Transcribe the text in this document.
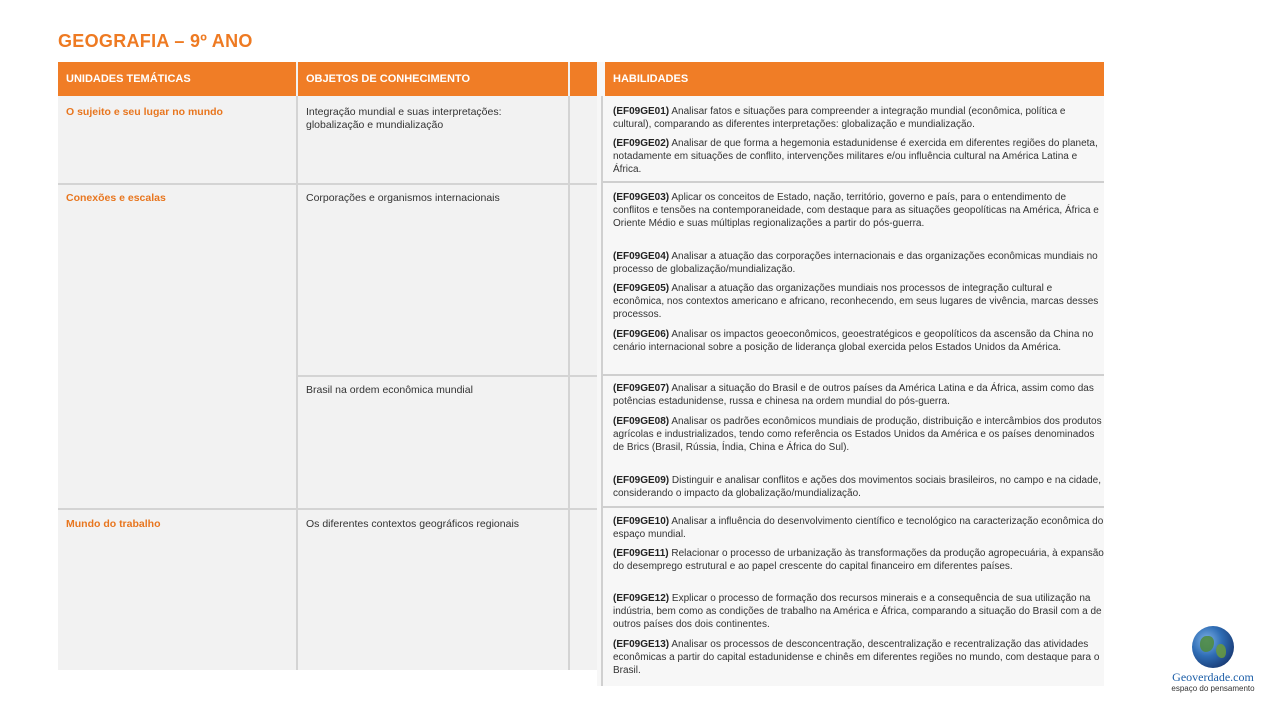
GEOGRAFIA – 9º ANO
UNIDADES TEMÁTICAS	OBJETOS DE CONHECIMENTO
O sujeito e seu lugar no mundo
Conexões e escalas
Mundo do trabalho
Integração mundial e suas interpretações: globalização e mundialização
Corporações e organismos internacionais
Brasil na ordem econômica mundial
Os diferentes contextos geográficos regionais
HABILIDADES
(EF09GE01) Analisar fatos e situações para compreender a integração mundial (econômica, política e cultural), comparando as diferentes interpretações: globalização e mundialização.
(EF09GE02) Analisar de que forma a hegemonia estadunidense é exercida em diferentes regiões do planeta, notadamente em situações de conflito, intervenções militares e/ou influência cultural na América Latina e África.
(EF09GE03) Aplicar os conceitos de Estado, nação, território, governo e país, para o entendimento de conflitos e tensões na contemporaneidade, com destaque para as situações geopolíticas na América, África e Oriente Médio e suas múltiplas regionalizações a partir do pós-guerra.
(EF09GE04) Analisar a atuação das corporações internacionais e das organizações econômicas mundiais no processo de globalização/mundialização.
(EF09GE05) Analisar a atuação das organizações mundiais nos processos de integração cultural e econômica, nos contextos americano e africano, reconhecendo, em seus lugares de vivência, marcas desses processos.
(EF09GE06) Analisar os impactos geoeconômicos, geoestratégicos e geopolíticos da ascensão da China no cenário internacional sobre a posição de liderança global exercida pelos Estados Unidos da América.
(EF09GE07) Analisar a situação do Brasil e de outros países da América Latina e da África, assim como das potências estadunidense, russa e chinesa na ordem mundial do pós-guerra.
(EF09GE08) Analisar os padrões econômicos mundiais de produção, distribuição e intercâmbios dos produtos agrícolas e industrializados, tendo como referência os Estados Unidos da América e os países denominados de Brics (Brasil, Rússia, Índia, China e África do Sul).
(EF09GE09) Distinguir e analisar conflitos e ações dos movimentos sociais brasileiros, no campo e na cidade, considerando o impacto da globalização/mundialização.
(EF09GE10) Analisar a influência do desenvolvimento científico e tecnológico na caracterização econômica do espaço mundial.
(EF09GE11) Relacionar o processo de urbanização às transformações da produção agropecuária, à expansão do desemprego estrutural e ao papel crescente do capital financeiro em diferentes países.
(EF09GE12) Explicar o processo de formação dos recursos minerais e a consequência de sua utilização na indústria, bem como as condições de trabalho na América e África, comparando a situação do Brasil com a de outros países dos dois continentes.
(EF09GE13) Analisar os processos de desconcentração, descentralização e recentralização das atividades econômicas a partir do capital estadunidense e chinês em diferentes regiões no mundo, com destaque para o Brasil.	Geoverdade.com
espaço do pensamento
